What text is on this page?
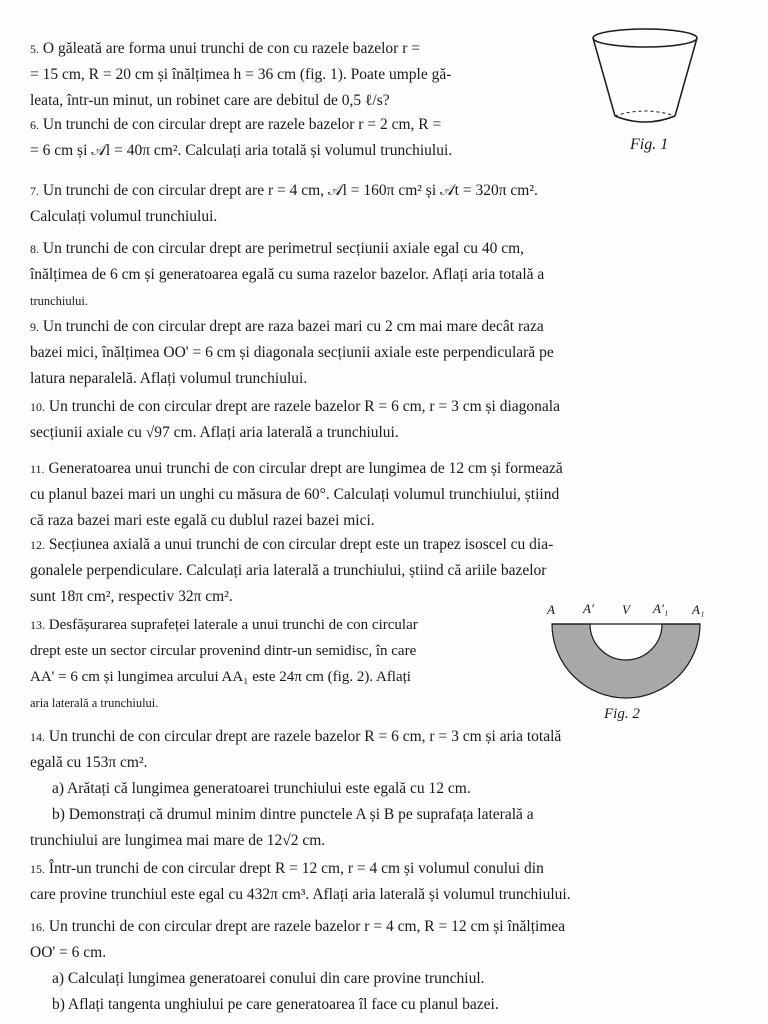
5. O găleată are forma unui trunchi de con cu razele bazelor r =
= 15 cm, R = 20 cm și înălțimea h = 36 cm (fig. 1). Poate umple gă-
leata, într-un minut, un robinet care are debitul de 0,5 ℓ/s?
6. Un trunchi de con circular drept are razele bazelor r = 2 cm, R =
= 6 cm și 𝒜l = 40π cm². Calculați aria totală și volumul trunchiului.
7. Un trunchi de con circular drept are r = 4 cm, 𝒜l = 160π cm² și 𝒜t = 320π cm².
Calculați volumul trunchiului.
8. Un trunchi de con circular drept are perimetrul secțiunii axiale egal cu 40 cm,
înălțimea de 6 cm și generatoarea egală cu suma razelor bazelor. Aflați aria totală a
trunchiului.
9. Un trunchi de con circular drept are raza bazei mari cu 2 cm mai mare decât raza
bazei mici, înălțimea OO' = 6 cm și diagonala secțiunii axiale este perpendiculară pe
latura neparalelă. Aflați volumul trunchiului.
10. Un trunchi de con circular drept are razele bazelor R = 6 cm, r = 3 cm și diagonala
secțiunii axiale cu √97 cm. Aflați aria laterală a trunchiului.
11. Generatoarea unui trunchi de con circular drept are lungimea de 12 cm și formează
cu planul bazei mari un unghi cu măsura de 60°. Calculați volumul trunchiului, știind
că raza bazei mari este egală cu dublul razei bazei mici.
12. Secțiunea axială a unui trunchi de con circular drept este un trapez isoscel cu dia-
gonalele perpendiculare. Calculați aria laterală a trunchiului, știind că ariile bazelor
sunt 18π cm², respectiv 32π cm².
13. Desfășurarea suprafeței laterale a unui trunchi de con circular
drept este un sector circular provenind dintr-un semidisc, în care
AA' = 6 cm și lungimea arcului AA₁ este 24π cm (fig. 2). Aflați
aria laterală a trunchiului.
14. Un trunchi de con circular drept are razele bazelor R = 6 cm, r = 3 cm și aria totală
egală cu 153π cm².
a) Arătați că lungimea generatoarei trunchiului este egală cu 12 cm.
b) Demonstrați că drumul minim dintre punctele A și B pe suprafața laterală a
trunchiului are lungimea mai mare de 12√2 cm.
15. Într-un trunchi de con circular drept R = 12 cm, r = 4 cm și volumul conului din
care provine trunchiul este egal cu 432π cm³. Aflați aria laterală și volumul trunchiului.
16. Un trunchi de con circular drept are razele bazelor r = 4 cm, R = 12 cm și înălțimea
OO' = 6 cm.
a) Calculați lungimea generatoarei conului din care provine trunchiul.
b) Aflați tangenta unghiului pe care generatoarea îl face cu planul bazei.
Fig. 1
A A' V A'₁ A₁
Fig. 2
